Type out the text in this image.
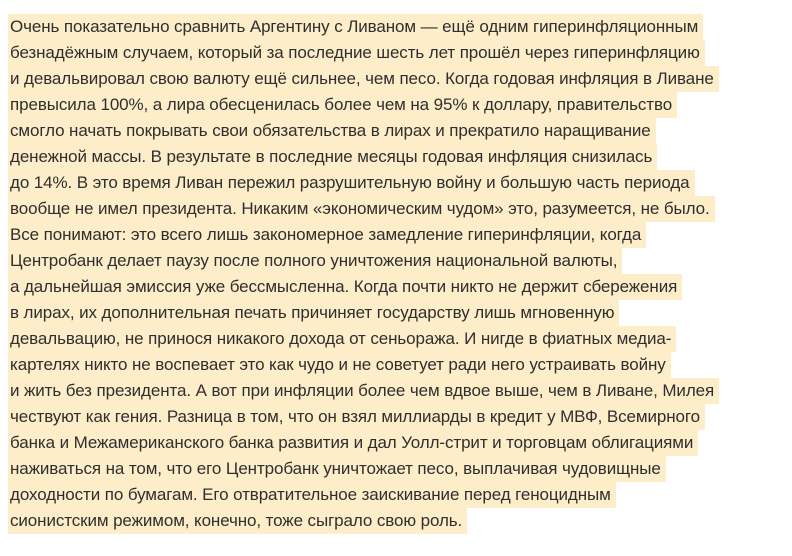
Очень показательно сравнить Аргентину с Ливаном — ещё одним гиперинфляционным
безнадёжным случаем, который за последние шесть лет прошёл через гиперинфляцию
и девальвировал свою валюту ещё сильнее, чем песо. Когда годовая инфляция в Ливане
превысила 100%, а лира обесценилась более чем на 95% к доллару, правительство
смогло начать покрывать свои обязательства в лирах и прекратило наращивание
денежной массы. В результате в последние месяцы годовая инфляция снизилась
до 14%. В это время Ливан пережил разрушительную войну и большую часть периода
вообще не имел президента. Никаким «экономическим чудом» это, разумеется, не было.
Все понимают: это всего лишь закономерное замедление гиперинфляции, когда
Центробанк делает паузу после полного уничтожения национальной валюты,
а дальнейшая эмиссия уже бессмысленна. Когда почти никто не держит сбережения
в лирах, их дополнительная печать причиняет государству лишь мгновенную
девальвацию, не принося никакого дохода от сеньоража. И нигде в фиатных медиа-
картелях никто не воспевает это как чудо и не советует ради него устраивать войну
и жить без президента. А вот при инфляции более чем вдвое выше, чем в Ливане, Милея
чествуют как гения. Разница в том, что он взял миллиарды в кредит у МВФ, Всемирного
банка и Межамериканского банка развития и дал Уолл-стрит и торговцам облигациями
наживаться на том, что его Центробанк уничтожает песо, выплачивая чудовищные
доходности по бумагам. Его отвратительное заискивание перед геноцидным
сионистским режимом, конечно, тоже сыграло свою роль.
